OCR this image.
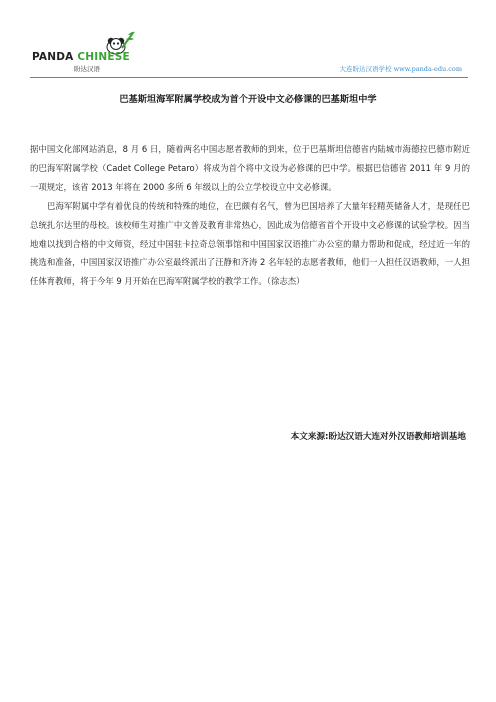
PANDA CHINESE
盼达汉语	大连盼达汉语学校 www.panda-edu.com
巴基斯坦海军附属学校成为首个开设中文必修课的巴基斯坦中学

据中国文化部网站消息，8 月 6 日，随着两名中国志愿者教师的到来，位于巴基斯坦信德省内陆城市海德拉巴德市附近的巴海军附属学校（Cadet College Petaro）将成为首个将中文设为必修课的巴中学。根据巴信德省 2011 年 9 月的一项规定，该省 2013 年将在 2000 多所 6 年级以上的公立学校设立中文必修课。

巴海军附属中学有着优良的传统和特殊的地位，在巴颇有名气，曾为巴国培养了大量年轻精英储备人才，是现任巴总统扎尔达里的母校。该校师生对推广中文普及教育非常热心，因此成为信德省首个开设中文必修课的试验学校。因当地难以找到合格的中文师资，经过中国驻卡拉奇总领事馆和中国国家汉语推广办公室的鼎力帮助和促成，经过近一年的挑选和准备，中国国家汉语推广办公室最终派出了汪静和齐涛 2 名年轻的志愿者教师，他们一人担任汉语教师，一人担任体育教师，将于今年 9 月开始在巴海军附属学校的教学工作。（徐志杰）

本文来源:盼达汉语大连对外汉语教师培训基地
